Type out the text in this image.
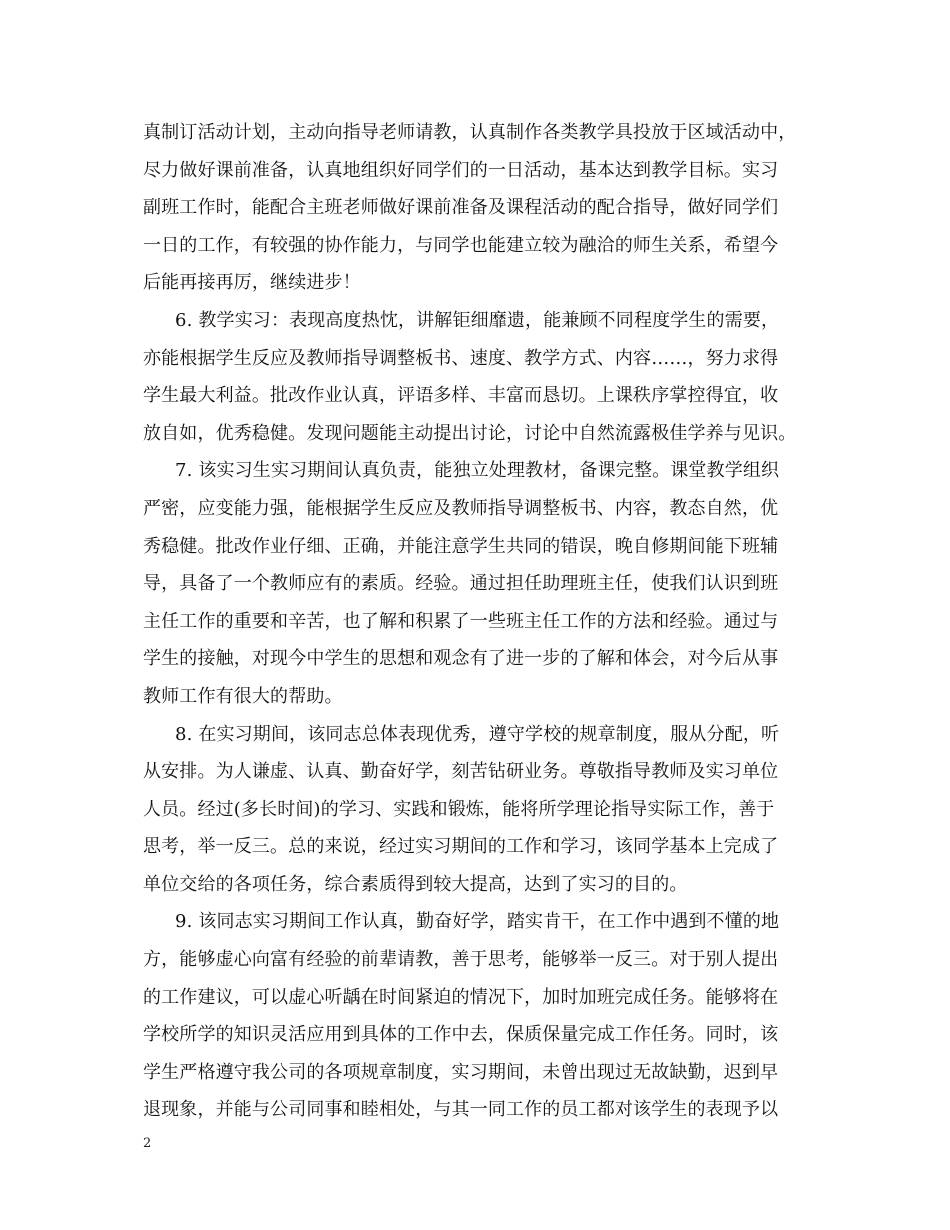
真制订活动计划，主动向指导老师请教，认真制作各类教学具投放于区域活动中，
尽力做好课前准备，认真地组织好同学们的一日活动，基本达到教学目标。实习
副班工作时，能配合主班老师做好课前准备及课程活动的配合指导，做好同学们
一日的工作，有较强的协作能力，与同学也能建立较为融洽的师生关系，希望今
后能再接再厉，继续进步！
6. 教学实习：表现高度热忱，讲解钜细靡遗，能兼顾不同程度学生的需要，
亦能根据学生反应及教师指导调整板书、速度、教学方式、内容……，努力求得
学生最大利益。批改作业认真，评语多样、丰富而恳切。上课秩序掌控得宜，收
放自如，优秀稳健。发现问题能主动提出讨论，讨论中自然流露极佳学养与见识。
7. 该实习生实习期间认真负责，能独立处理教材，备课完整。课堂教学组织
严密，应变能力强，能根据学生反应及教师指导调整板书、内容，教态自然，优
秀稳健。批改作业仔细、正确，并能注意学生共同的错误，晚自修期间能下班辅
导，具备了一个教师应有的素质。经验。通过担任助理班主任，使我们认识到班
主任工作的重要和辛苦，也了解和积累了一些班主任工作的方法和经验。通过与
学生的接触，对现今中学生的思想和观念有了进一步的了解和体会，对今后从事
教师工作有很大的帮助。
8. 在实习期间，该同志总体表现优秀，遵守学校的规章制度，服从分配，听
从安排。为人谦虚、认真、勤奋好学，刻苦钻研业务。尊敬指导教师及实习单位
人员。经过(多长时间)的学习、实践和锻炼，能将所学理论指导实际工作，善于
思考，举一反三。总的来说，经过实习期间的工作和学习，该同学基本上完成了
单位交给的各项任务，综合素质得到较大提高，达到了实习的目的。
9. 该同志实习期间工作认真，勤奋好学，踏实肯干，在工作中遇到不懂的地
方，能够虚心向富有经验的前辈请教，善于思考，能够举一反三。对于别人提出
的工作建议，可以虚心听龋在时间紧迫的情况下，加时加班完成任务。能够将在
学校所学的知识灵活应用到具体的工作中去，保质保量完成工作任务。同时，该
学生严格遵守我公司的各项规章制度，实习期间，未曾出现过无故缺勤，迟到早
退现象，并能与公司同事和睦相处，与其一同工作的员工都对该学生的表现予以
2
